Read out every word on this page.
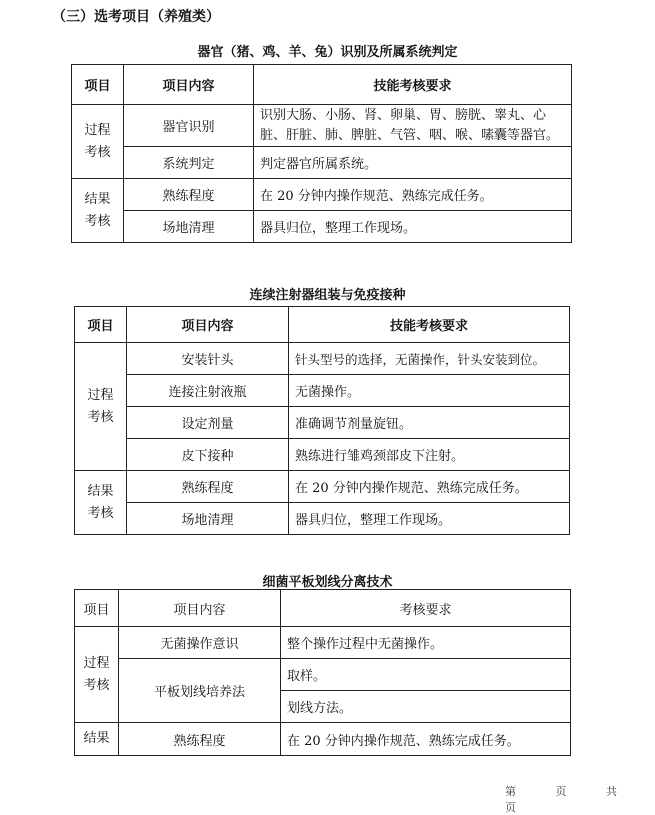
（三）选考项目（养殖类）
器官（猪、鸡、羊、兔）识别及所属系统判定
项目	项目内容	技能考核要求
过程
考核	器官识别	识别大肠、小肠、肾、卵巢、胃、膀胱、睾丸、心脏、肝脏、肺、脾脏、气管、咽、喉、嗉囊等器官。
	系统判定	判定器官所属系统。
结果
考核	熟练程度	在 20 分钟内操作规范、熟练完成任务。
	场地清理	器具归位，整理工作现场。
连续注射器组装与免疫接种
项目	项目内容	技能考核要求
过程
考核	安装针头	针头型号的选择，无菌操作，针头安装到位。
	连接注射液瓶	无菌操作。
	设定剂量	准确调节剂量旋钮。
	皮下接种	熟练进行雏鸡颈部皮下注射。
结果
考核	熟练程度	在 20 分钟内操作规范、熟练完成任务。
	场地清理	器具归位，整理工作现场。
细菌平板划线分离技术
项目	项目内容	考核要求
过程
考核	无菌操作意识	整个操作过程中无菌操作。
	平板划线培养法	取样。
		划线方法。
结果	熟练程度	在 20 分钟内操作规范、熟练完成任务。
第 页 共 页
